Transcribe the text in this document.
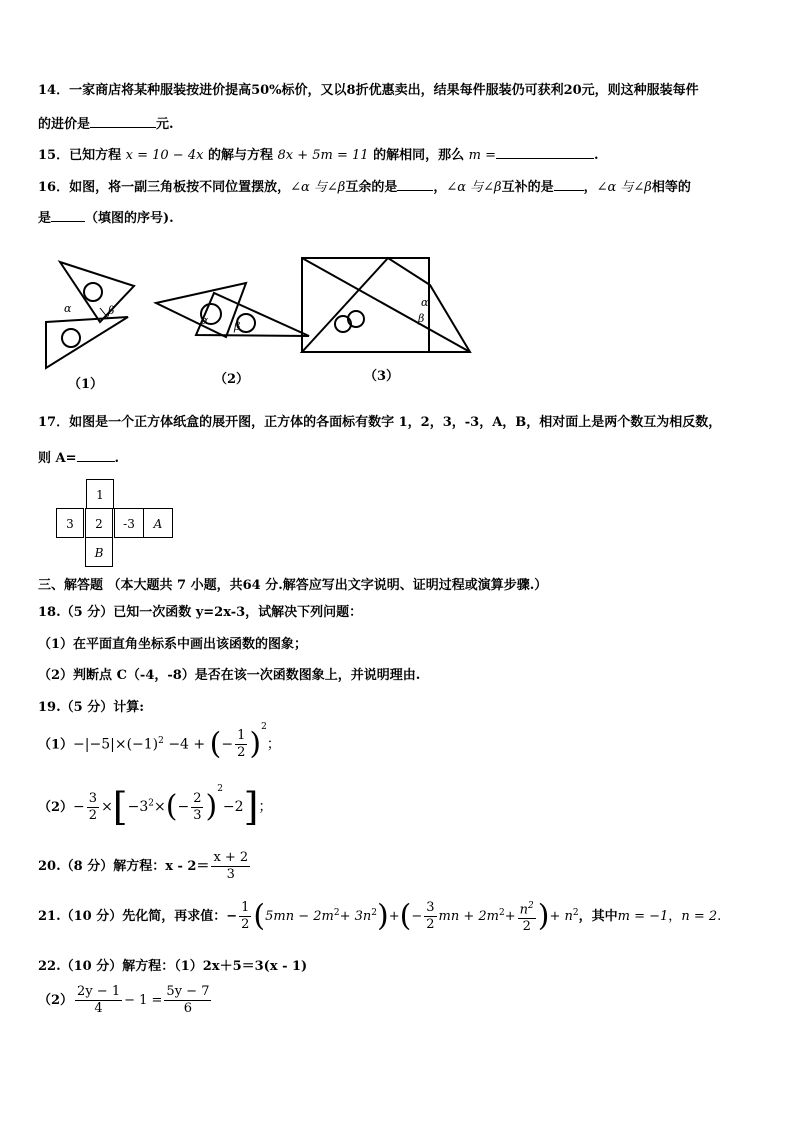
14．一家商店将某种服装按进价提高50%标价，又以8折优惠卖出，结果每件服装仍可获利20元，则这种服装每件
的进价是	元.
15．已知方程 x = 10 − 4x 的解与方程 8x + 5m = 11 的解相同，那么 m =	.
16．如图，将一副三角板按不同位置摆放，∠α 与∠β互余的是	，∠α 与∠β互补的是 ，∠α 与∠β相等的
是	（填图的序号).
α	β
（1）
α β
（2）
α
β
（3）
17．如图是一个正方体纸盒的展开图，正方体的各面标有数字 1，2，3，-3，A，B，相对面上是两个数互为相反数，
则 A=	.
1
3	2	-3	A
B
三、解答题 （本大题共 7 小题，共64 分.解答应写出文字说明、证明过程或演算步骤.）
18.（5 分）已知一次函数 y=2x-3，试解决下列问题：
（1）在平面直角坐标系中画出该函数的图象；
（2）判断点 C（-4，-8）是否在该一次函数图象上，并说明理由.
19.（5 分）计算:
$(1)-|-5|\times(-1)^2 -4$ + (− $\frac{1}{2} )^2$；
$(2)- \frac{3}{2} \times[-3^2\times(- \frac{2}{3} )^2-2]$；
20.（8 分）解方程：$x - 2= \frac{x + 2}{3}$
21.（10 分）先化简，再求值：− $\frac{1}{2} (5mn - 2m^2+ 3n^2)+(- \frac{3}{2}$ mn + $2m^2+ \frac{n^2}{2}$ )+ $n^2$，其中m = −1，n = 2.
22.（10 分）解方程：（1）2x＋5＝3(x - 1)
$(2) \frac{2y - 1}{4} - 1 = \frac{5y - 7}{6}$
